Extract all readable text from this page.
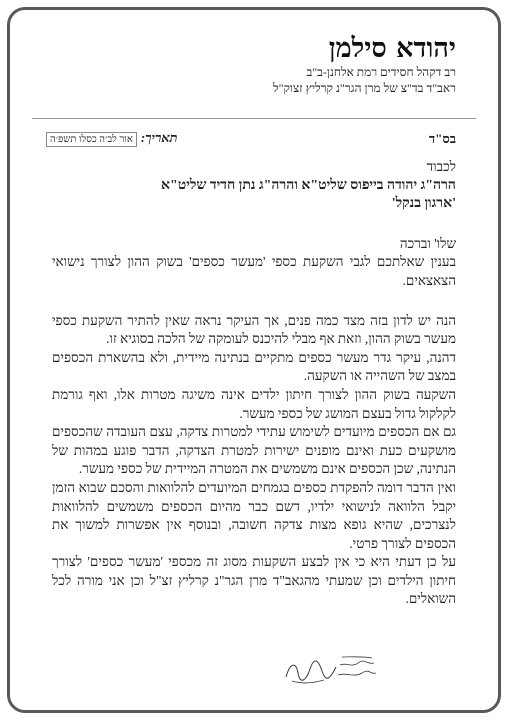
יהודא סילמן
רב דקהל חסידים רמת אלחנן-ב"ב
ראב"ד בד"צ של מרן הגר"נ קרליץ זצוק"ל
בס"ד
תאריך:אור לב׳ה כסלו תשפ׳ה

לכבוד

הרה"ג יהודה בייפוס שליט"א והרה"ג נתן חדיד שליט"א

'ארגון בנקל'

שלו' וברכה

בענין שאלתכם לגבי השקעת כספי 'מעשר כספים' בשוק ההון לצורך נישואי הצאצאים.

הנה יש לדון בזה מצד כמה פנים, אך העיקר נראה שאין להתיר השקעת כספי מעשר בשוק ההון, וזאת אף מבלי להיכנס לעומקה של הלכה בסוגיא זו.

דהנה, עיקר גדר מעשר כספים מתקיים בנתינה מיידית, ולא בהשארת הכספים במצב של השהייה או השקעה.

השקעה בשוק ההון לצורך חיתון ילדים אינה משיגה מטרות אלו, ואף גורמת לקלקול גדול בעצם המושג של כספי מעשר.

גם אם הכספים מיועדים לשימוש עתידי למטרות צדקה, עצם העובדה שהכספים מושקעים כעת ואינם מופנים ישירות למטרת הצדקה, הדבר פוגע במהות של הנתינה, שכן הכספים אינם משמשים את המטרה המיידית של כספי מעשר.

ואין הדבר דומה להפקדת כספים בגמחים המיועדים להלוואות והסכם שבוא הזמן יקבל הלוואה לנישואי ילדיו, דשם כבר מהיום הכספים משמשים להלוואות לנצרכים, שהיא גופא מצות צדקה חשובה, ובנוסף אין אפשרות למשוך את הכספים לצורך פרטי.

על כן דעתי היא כי אין לבצע השקעות מסוג זה מכספי 'מעשר כספים' לצורך חיתון הילדים וכן שמעתי מהגאב"ד מרן הגר"נ קרליץ זצ"ל וכן אני מורה לכל השואלים.
